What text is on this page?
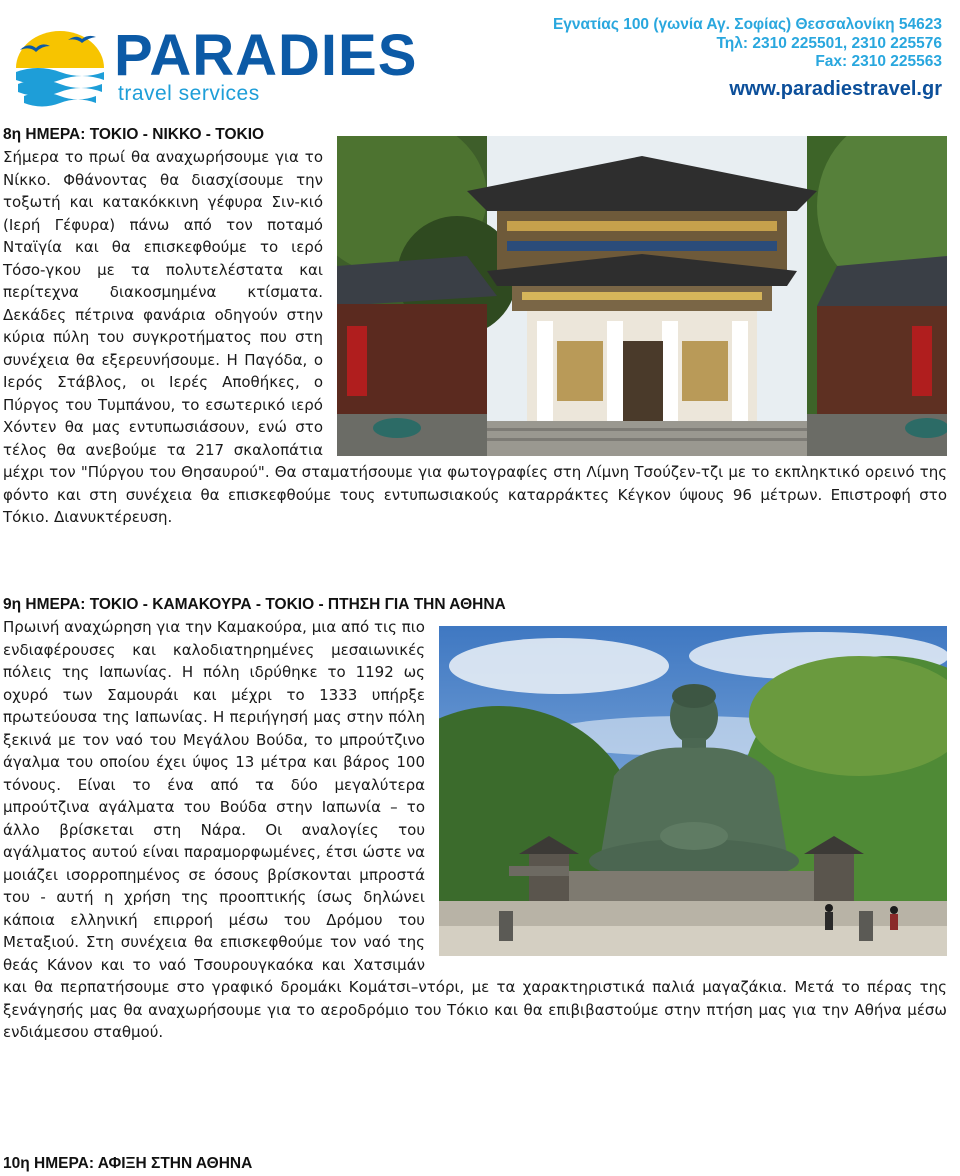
PARADIES
travel services
Εγνατίας 100 (γωνία Αγ. Σοφίας) Θεσσαλονίκη 54623
Τηλ: 2310 225501, 2310 225576
Fax: 2310 225563
www.paradiestravel.gr
8η ΗΜΕΡΑ: ΤΟΚΙΟ - ΝΙΚΚΟ - ΤΟΚΙΟ

Σήμερα το πρωί θα αναχωρήσουμε για το Νίκκο. Φθάνοντας θα διασχίσουμε την τοξωτή και κατακόκκινη γέφυρα Σιν-κιό (Ιερή Γέφυρα) πάνω από τον ποταμό Νταϊγία και θα επισκεφθούμε το ιερό Τόσο-γκου με τα πολυτελέστατα και περίτεχνα διακοσμημένα κτίσματα. Δεκάδες πέτρινα φανάρια οδηγούν στην κύρια πύλη του συγκροτήματος που στη συνέχεια θα εξερευνήσουμε. Η Παγόδα, ο Ιερός Στάβλος, οι Ιερές Αποθήκες, ο Πύργος του Τυμπάνου, το εσωτερικό ιερό Χόντεν θα μας εντυπωσιάσουν, ενώ στο τέλος θα ανεβούμε τα 217 σκαλοπάτια μέχρι τον "Πύργου του Θησαυρού". Θα σταματήσουμε για φωτογραφίες στη Λίμνη Τσούζεν-τζι με το εκπληκτικό ορεινό της φόντο και στη συνέχεια θα επισκεφθούμε τους εντυπωσιακούς καταρράκτες Κέγκον ύψους 96 μέτρων. Επιστροφή στο Τόκιο. Διανυκτέρευση.

9η ΗΜΕΡΑ: ΤΟΚΙΟ - ΚΑΜΑΚΟΥΡΑ - ΤΟΚΙΟ - ΠΤΗΣΗ ΓΙΑ ΤΗΝ ΑΘΗΝΑ

Πρωινή αναχώρηση για την Καμακούρα, μια από τις πιο ενδιαφέρουσες και καλοδιατηρημένες μεσαιωνικές πόλεις της Ιαπωνίας. Η πόλη ιδρύθηκε το 1192 ως οχυρό των Σαμουράι και μέχρι το 1333 υπήρξε πρωτεύουσα της Ιαπωνίας. Η περιήγησή μας στην πόλη ξεκινά με τον ναό του Μεγάλου Βούδα, το μπρούτζινο άγαλμα του οποίου έχει ύψος 13 μέτρα και βάρος 100 τόνους. Είναι το ένα από τα δύο μεγαλύτερα μπρούτζινα αγάλματα του Βούδα στην Ιαπωνία – το άλλο βρίσκεται στη Νάρα. Οι αναλογίες του αγάλματος αυτού είναι παραμορφωμένες, έτσι ώστε να μοιάζει ισορροπημένος σε όσους βρίσκονται μπροστά του - αυτή η χρήση της προοπτικής ίσως δηλώνει κάποια ελληνική επιρροή μέσω του Δρόμου του Μεταξιού. Στη συνέχεια θα επισκεφθούμε τον ναό της θεάς Κάνον και το ναό Τσουρουγκαόκα και Χατσιμάν και θα περπατήσουμε στο γραφικό δρομάκι Κομάτσι–ντόρι, με τα χαρακτηριστικά παλιά μαγαζάκια. Μετά το πέρας της ξενάγησής μας θα αναχωρήσουμε για το αεροδρόμιο του Τόκιο και θα επιβιβαστούμε στην πτήση μας για την Αθήνα μέσω ενδιάμεσου σταθμού.

10η ΗΜΕΡΑ: ΑΦΙΞΗ ΣΤΗΝ ΑΘΗΝΑ
